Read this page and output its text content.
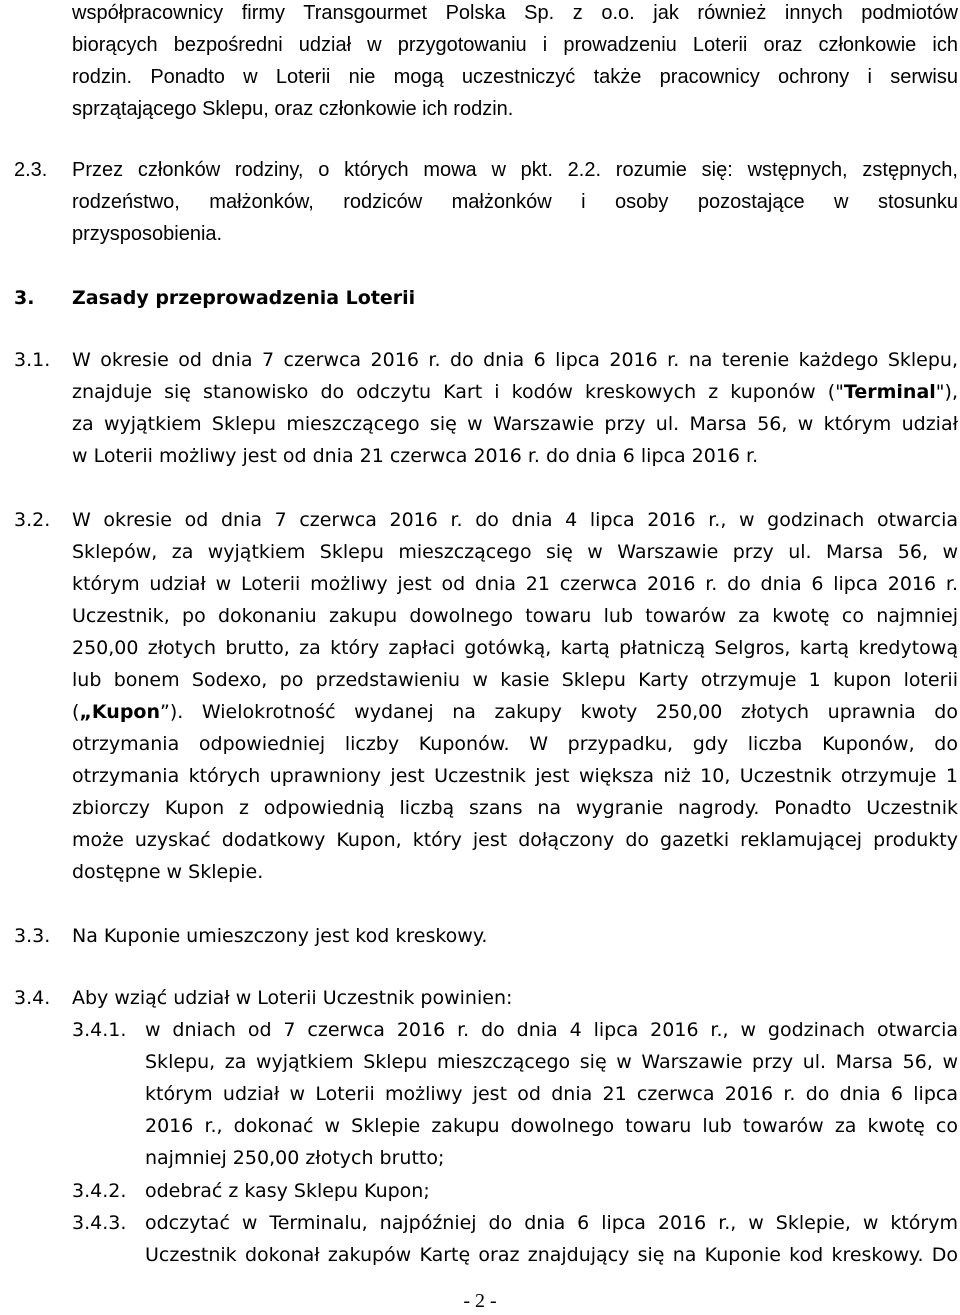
współpracownicy firmy Transgourmet Polska Sp. z o.o. jak również innych podmiotów
biorących bezpośredni udział w przygotowaniu i prowadzeniu Loterii oraz członkowie ich
rodzin. Ponadto w Loterii nie mogą uczestniczyć także pracownicy ochrony i serwisu
sprzątającego Sklepu, oraz członkowie ich rodzin.
2.3. Przez członków rodziny, o których mowa w pkt. 2.2. rozumie się: wstępnych, zstępnych,
rodzeństwo, małżonków, rodziców małżonków i osoby pozostające w stosunku
przysposobienia.
3. Zasady przeprowadzenia Loterii
3.1. W okresie od dnia 7 czerwca 2016 r. do dnia 6 lipca 2016 r. na terenie każdego Sklepu,
znajduje się stanowisko do odczytu Kart i kodów kreskowych z kuponów ("Terminal"),
za wyjątkiem Sklepu mieszczącego się w Warszawie przy ul. Marsa 56, w którym udział
w Loterii możliwy jest od dnia 21 czerwca 2016 r. do dnia 6 lipca 2016 r.
3.2. W okresie od dnia 7 czerwca 2016 r. do dnia 4 lipca 2016 r., w godzinach otwarcia
Sklepów, za wyjątkiem Sklepu mieszczącego się w Warszawie przy ul. Marsa 56, w
którym udział w Loterii możliwy jest od dnia 21 czerwca 2016 r. do dnia 6 lipca 2016 r.
Uczestnik, po dokonaniu zakupu dowolnego towaru lub towarów za kwotę co najmniej
250,00 złotych brutto, za który zapłaci gotówką, kartą płatniczą Selgros, kartą kredytową
lub bonem Sodexo, po przedstawieniu w kasie Sklepu Karty otrzymuje 1 kupon loterii
(„Kupon”). Wielokrotność wydanej na zakupy kwoty 250,00 złotych uprawnia do
otrzymania odpowiedniej liczby Kuponów. W przypadku, gdy liczba Kuponów, do
otrzymania których uprawniony jest Uczestnik jest większa niż 10, Uczestnik otrzymuje 1
zbiorczy Kupon z odpowiednią liczbą szans na wygranie nagrody. Ponadto Uczestnik
może uzyskać dodatkowy Kupon, który jest dołączony do gazetki reklamującej produkty
dostępne w Sklepie.
3.3. Na Kuponie umieszczony jest kod kreskowy.
3.4. Aby wziąć udział w Loterii Uczestnik powinien:
3.4.1. w dniach od 7 czerwca 2016 r. do dnia 4 lipca 2016 r., w godzinach otwarcia
Sklepu, za wyjątkiem Sklepu mieszczącego się w Warszawie przy ul. Marsa 56, w
którym udział w Loterii możliwy jest od dnia 21 czerwca 2016 r. do dnia 6 lipca
2016 r., dokonać w Sklepie zakupu dowolnego towaru lub towarów za kwotę co
najmniej 250,00 złotych brutto;
3.4.2. odebrać z kasy Sklepu Kupon;
3.4.3. odczytać w Terminalu, najpóźniej do dnia 6 lipca 2016 r., w Sklepie, w którym
Uczestnik dokonał zakupów Kartę oraz znajdujący się na Kuponie kod kreskowy. Do
- 2 -
